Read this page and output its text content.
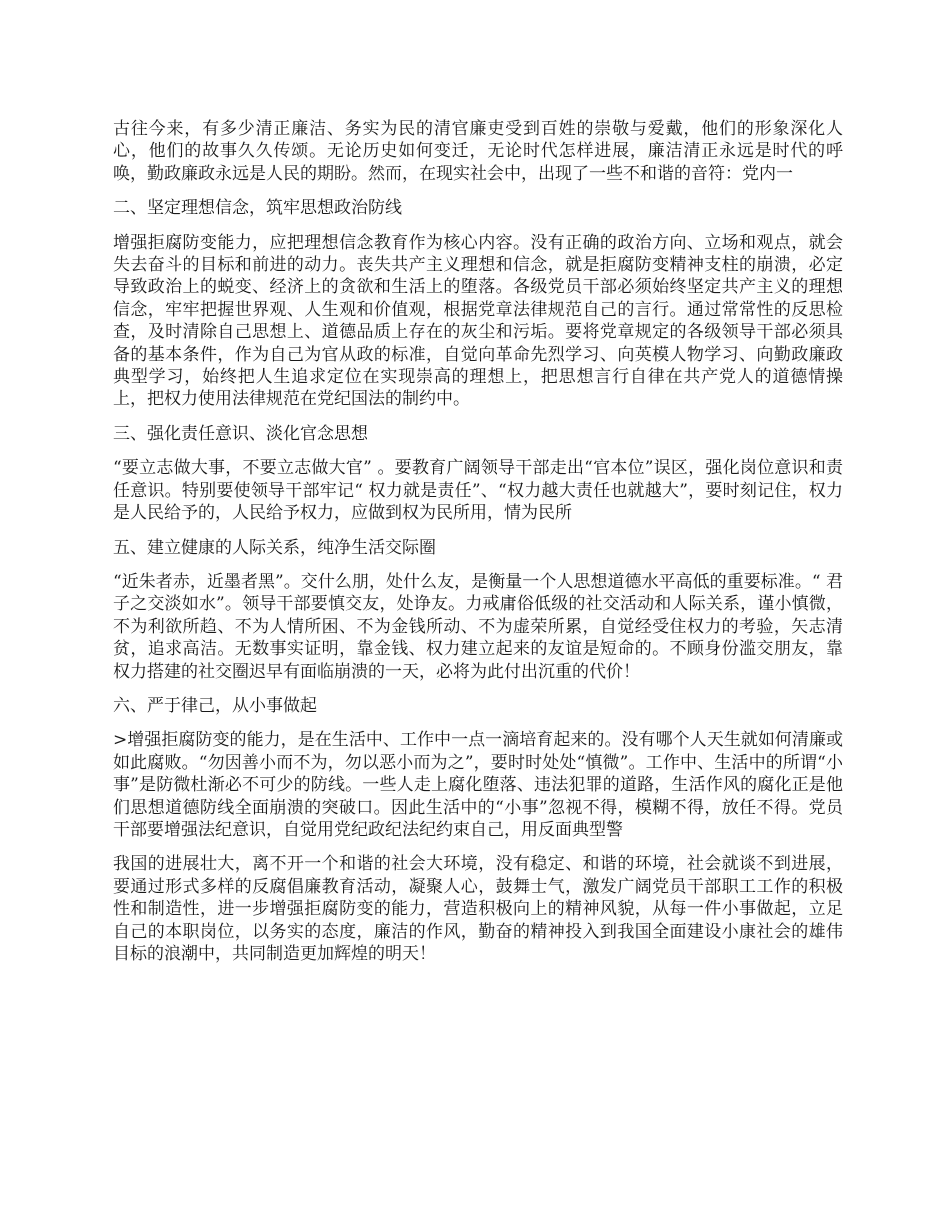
古往今来，有多少清正廉洁、务实为民的清官廉吏受到百姓的崇敬与爱戴，他们的形象深化人心，他们的故事久久传颂。无论历史如何变迁，无论时代怎样进展，廉洁清正永远是时代的呼唤，勤政廉政永远是人民的期盼。然而，在现实社会中，出现了一些不和谐的音符：党内一

二、坚定理想信念，筑牢思想政治防线

增强拒腐防变能力，应把理想信念教育作为核心内容。没有正确的政治方向、立场和观点，就会失去奋斗的目标和前进的动力。丧失共产主义理想和信念，就是拒腐防变精神支柱的崩溃，必定导致政治上的蜕变、经济上的贪欲和生活上的堕落。各级党员干部必须始终坚定共产主义的理想信念，牢牢把握世界观、人生观和价值观，根据党章法律规范自己的言行。通过常常性的反思检查，及时清除自己思想上、道德品质上存在的灰尘和污垢。要将党章规定的各级领导干部必须具备的基本条件，作为自己为官从政的标准，自觉向革命先烈学习、向英模人物学习、向勤政廉政典型学习，始终把人生追求定位在实现崇高的理想上，把思想言行自律在共产党人的道德情操上，把权力使用法律规范在党纪国法的制约中。

三、强化责任意识、淡化官念思想

“要立志做大事，不要立志做大官” 。要教育广阔领导干部走出“官本位”误区，强化岗位意识和责任意识。特别要使领导干部牢记“ 权力就是责任”、“权力越大责任也就越大”，要时刻记住，权力是人民给予的，人民给予权力，应做到权为民所用，情为民所

五、建立健康的人际关系，纯净生活交际圈

“近朱者赤，近墨者黑”。交什么朋，处什么友，是衡量一个人思想道德水平高低的重要标准。“ 君子之交淡如水”。领导干部要慎交友，处诤友。力戒庸俗低级的社交活动和人际关系，谨小慎微，不为利欲所趋、不为人情所困、不为金钱所动、不为虚荣所累，自觉经受住权力的考验，矢志清贫，追求高洁。无数事实证明，靠金钱、权力建立起来的友谊是短命的。不顾身份滥交朋友，靠权力搭建的社交圈迟早有面临崩溃的一天，必将为此付出沉重的代价！

六、严于律己，从小事做起

>增强拒腐防变的能力，是在生活中、工作中一点一滴培育起来的。没有哪个人天生就如何清廉或如此腐败。“勿因善小而不为，勿以恶小而为之”，要时时处处“慎微”。工作中、生活中的所谓“小事”是防微杜渐必不可少的防线。一些人走上腐化堕落、违法犯罪的道路，生活作风的腐化正是他们思想道德防线全面崩溃的突破口。因此生活中的“小事”忽视不得，模糊不得，放任不得。党员干部要增强法纪意识，自觉用党纪政纪法纪约束自己，用反面典型警

我国的进展壮大，离不开一个和谐的社会大环境，没有稳定、和谐的环境，社会就谈不到进展，要通过形式多样的反腐倡廉教育活动，凝聚人心，鼓舞士气，激发广阔党员干部职工工作的积极性和制造性，进一步增强拒腐防变的能力，营造积极向上的精神风貌，从每一件小事做起，立足自己的本职岗位，以务实的态度，廉洁的作风，勤奋的精神投入到我国全面建设小康社会的雄伟目标的浪潮中，共同制造更加辉煌的明天！
